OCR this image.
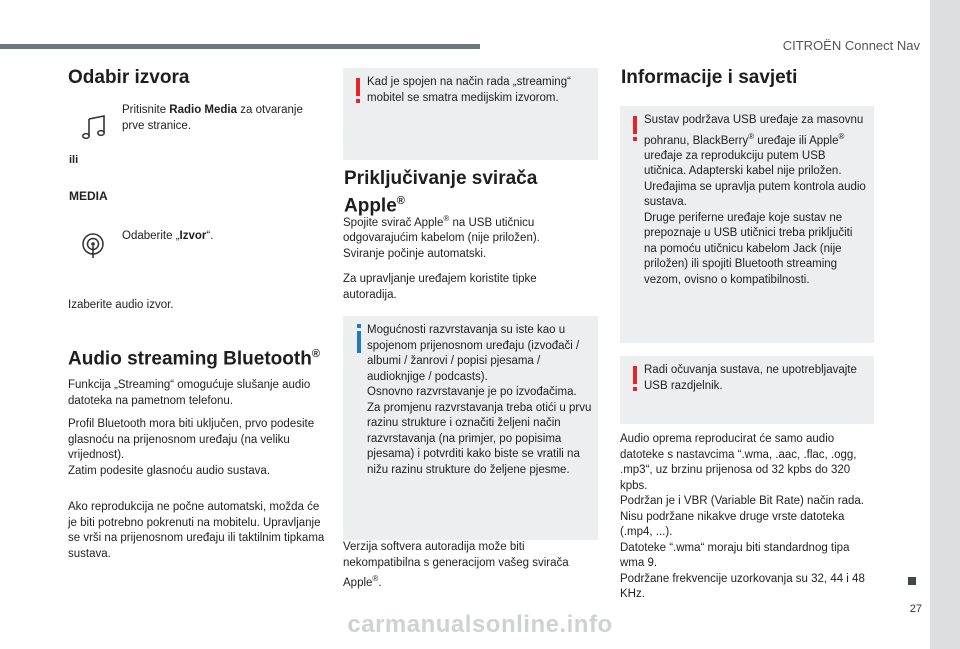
CITROËN Connect Nav
27
Odabir izvora
Pritisnite Radio Media za otvaranje prve stranice.
ili
MEDIA
Odaberite „Izvor“.
Izaberite audio izvor.
Audio streaming Bluetooth®
Funkcija „Streaming“ omogućuje slušanje audio datoteka na pametnom telefonu.
Profil Bluetooth mora biti uključen, prvo podesite glasnoću na prijenosnom uređaju (na veliku vrijednost).
Zatim podesite glasnoću audio sustava.
Ako reprodukcija ne počne automatski, možda će je biti potrebno pokrenuti na mobitelu. Upravljanje se vrši na prijenosnom uređaju ili taktilnim tipkama sustava.
Kad je spojen na način rada „streaming“ mobitel se smatra medijskim izvorom.
Priključivanje svirača
Apple®
Spojite svirač Apple® na USB utičnicu odgovarajućim kabelom (nije priložen).
Sviranje počinje automatski.
Za upravljanje uređajem koristite tipke autoradija.
Mogućnosti razvrstavanja su iste kao u spojenom prijenosnom uređaju (izvođači / albumi / žanrovi / popisi pjesama / audioknjige / podcasts).
Osnovno razvrstavanje je po izvođačima.
Za promjenu razvrstavanja treba otići u prvu razinu strukture i označiti željeni način razvrstavanja (na primjer, po popisima pjesama) i potvrditi kako biste se vratili na nižu razinu strukture do željene pjesme.
Verzija softvera autoradija može biti nekompatibilna s generacijom vašeg svirača Apple®.
Informacije i savjeti
Sustav podržava USB uređaje za masovnu pohranu, BlackBerry® uređaje ili Apple® uređaje za reprodukciju putem USB utičnica. Adapterski kabel nije priložen.
Uređajima se upravlja putem kontrola audio sustava.
Druge periferne uređaje koje sustav ne prepoznaje u USB utičnici treba priključiti na pomoću utičnicu kabelom Jack (nije priložen) ili spojiti Bluetooth streaming vezom, ovisno o kompatibilnosti.
Radi očuvanja sustava, ne upotrebljavajte USB razdjelnik.
Audio oprema reproducirat će samo audio datoteke s nastavcima “.wma, .aac, .flac, .ogg, .mp3“, uz brzinu prijenosa od 32 kpbs do 320 kpbs.
Podržan je i VBR (Variable Bit Rate) način rada.
Nisu podržane nikakve druge vrste datoteka (.mp4, ...).
Datoteke “.wma“ moraju biti standardnog tipa wma 9.
Podržane frekvencije uzorkovanja su 32, 44 i 48 KHz.
carmanualsonline.info
